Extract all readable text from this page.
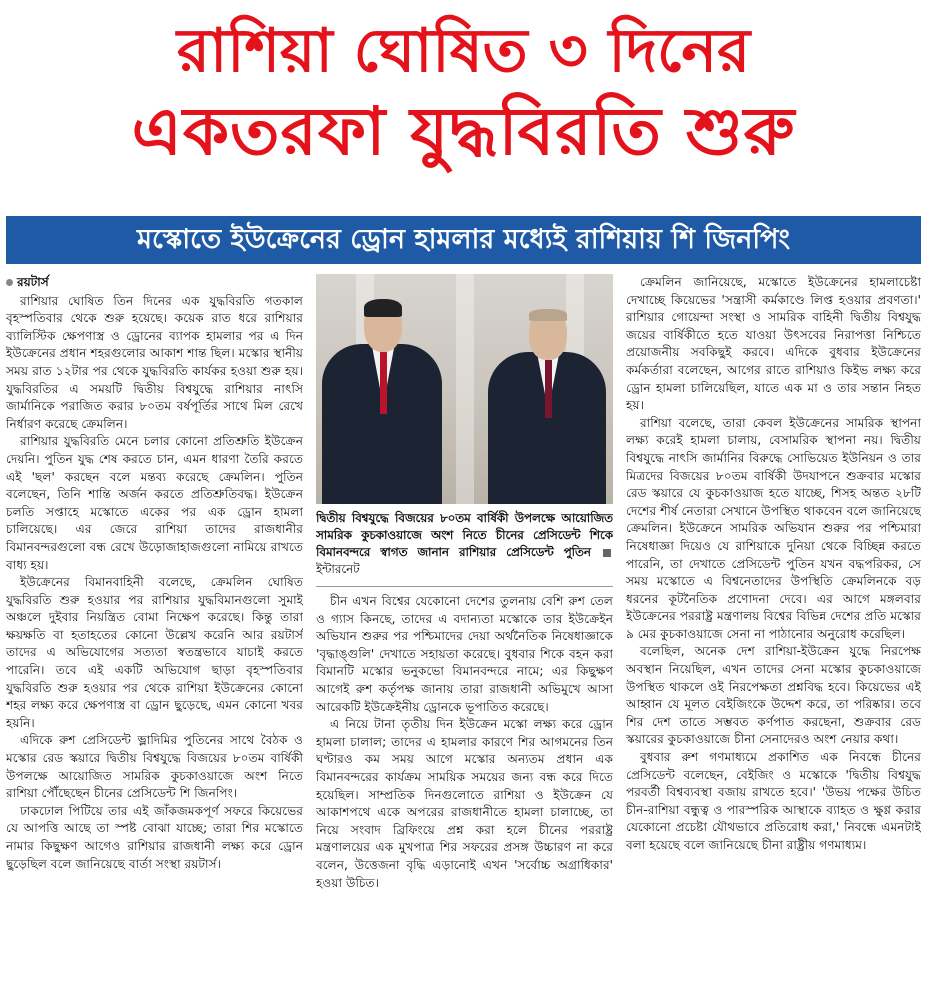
রাশিয়া ঘোষিত ৩ দিনের
একতরফা যুদ্ধবিরতি শুরু
মস্কোতে ইউক্রেনের ড্রোন হামলার মধ্যেই রাশিয়ায় শি জিনপিং
রয়টার্স

রাশিয়ার ঘোষিত তিন দিনের এক যুদ্ধবিরতি গতকাল বৃহস্পতিবার থেকে শুরু হয়েছে। কয়েক রাত ধরে রাশিয়ার ব্যালিস্টিক ক্ষেপণাস্ত্র ও ড্রোনের ব্যাপক হামলার পর এ দিন ইউক্রেনের প্রধান শহরগুলোর আকাশ শান্ত ছিল। মস্কোর স্থানীয় সময় রাত ১২টার পর থেকে যুদ্ধবিরতি কার্যকর হওয়া শুরু হয়। যুদ্ধবিরতির এ সময়টি দ্বিতীয় বিশ্বযুদ্ধে রাশিয়ার নাৎসি জার্মানিকে পরাজিত করার ৮০তম বর্ষপূর্তির সাথে মিল রেখে নির্ধারণ করেছে ক্রেমলিন।

রাশিয়ার যুদ্ধবিরতি মেনে চলার কোনো প্রতিশ্রুতি ইউক্রেন দেয়নি। পুতিন যুদ্ধ শেষ করতে চান, এমন ধারণা তৈরি করতে এই 'ছল' করছেন বলে মন্তব্য করেছে ক্রেমলিন। পুতিন বলেছেন, তিনি শান্তি অর্জন করতে প্রতিশ্রুতিবদ্ধ। ইউক্রেন চলতি সপ্তাহে মস্কোতে একের পর এক ড্রোন হামলা চালিয়েছে। এর জেরে রাশিয়া তাদের রাজধানীর বিমানবন্দরগুলো বন্ধ রেখে উড়োজাহাজগুলো নামিয়ে রাখতে বাধ্য হয়।

ইউক্রেনের বিমানবাহিনী বলেছে, ক্রেমলিন ঘোষিত যুদ্ধবিরতি শুরু হওয়ার পর রাশিয়ার যুদ্ধবিমানগুলো সুমাই অঞ্চলে দুইবার নিয়ন্ত্রিত বোমা নিক্ষেপ করেছে। কিন্তু তারা ক্ষয়ক্ষতি বা হতাহতের কোনো উল্লেখ করেনি আর রয়টার্স তাদের এ অভিযোগের সত্যতা স্বতন্ত্রভাবে যাচাই করতে পারেনি। তবে এই একটি অভিযোগ ছাড়া বৃহস্পতিবার যুদ্ধবিরতি শুরু হওয়ার পর থেকে রাশিয়া ইউক্রেনের কোনো শহর লক্ষ্য করে ক্ষেপণাস্ত্র বা ড্রোন ছুড়েছে, এমন কোনো খবর হয়নি।

এদিকে রুশ প্রেসিডেন্ট ভ্লাদিমির পুতিনের সাথে বৈঠক ও মস্কোর রেড স্কয়ারে দ্বিতীয় বিশ্বযুদ্ধে বিজয়ের ৮০তম বার্ষিকী উপলক্ষে আয়োজিত সামরিক কুচকাওয়াজে অংশ নিতে রাশিয়া পৌঁছেছেন চীনের প্রেসিডেন্ট শি জিনপিং।

ঢাকঢোল পিটিয়ে তার এই জাঁকজমকপূর্ণ সফরে কিয়েভের যে আপত্তি আছে তা স্পষ্ট বোঝা যাচ্ছে; তারা শির মস্কোতে নামার কিছুক্ষণ আগেও রাশিয়ার রাজধানী লক্ষ্য করে ড্রোন ছুড়েছিল বলে জানিয়েছে বার্তা সংস্থা রয়টার্স।

দ্বিতীয় বিশ্বযুদ্ধে বিজয়ের ৮০তম বার্ষিকী উপলক্ষে আয়োজিত সামরিক কুচকাওয়াজে অংশ নিতে চীনের প্রেসিডেন্ট শিকে বিমানবন্দরে স্বাগত জানান রাশিয়ার প্রেসিডেন্ট পুতিন  ইন্টারনেট

চীন এখন বিশ্বের যেকোনো দেশের তুলনায় বেশি রুশ তেল ও গ্যাস কিনছে, তাদের এ বদান্যতা মস্কোকে তার ইউক্রেইন অভিযান শুরুর পর পশ্চিমাদের দেয়া অর্থনৈতিক নিষেধাজ্ঞাকে 'বৃদ্ধাঙ্গুলি' দেখাতে সহায়তা করেছে। বুধবার শিকে বহন করা বিমানটি মস্কোর ভনুকভো বিমানবন্দরে নামে; এর কিছুক্ষণ আগেই রুশ কর্তৃপক্ষ জানায় তারা রাজধানী অভিমুখে আসা আরেকটি ইউক্রেইনীয় ড্রোনকে ভূপাতিত করেছে।

এ নিয়ে টানা তৃতীয় দিন ইউক্রেন মস্কো লক্ষ্য করে ড্রোন হামলা চালাল; তাদের এ হামলার কারণে শির আগমনের তিন ঘণ্টারও কম সময় আগে মস্কোর অন্যতম প্রধান এক বিমানবন্দরের কার্যক্রম সাময়িক সময়ের জন্য বন্ধ করে দিতে হয়েছিল। সাম্প্রতিক দিনগুলোতে রাশিয়া ও ইউক্রেন যে আকাশপথে একে অপরের রাজধানীতে হামলা চালাচ্ছে, তা নিয়ে সংবাদ ব্রিফিংয়ে প্রশ্ন করা হলে চীনের পররাষ্ট্র মন্ত্রণালয়ের এক মুখপাত্র শির সফরের প্রসঙ্গ উচ্চারণ না করে বলেন, উত্তেজনা বৃদ্ধি এড়ানোই এখন 'সর্বোচ্চ অগ্রাধিকার' হওয়া উচিত।

ক্রেমলিন জানিয়েছে, মস্কোতে ইউক্রেনের হামলাচেষ্টা দেখাচ্ছে কিয়েভের 'সন্ত্রাসী কর্মকাণ্ডে লিপ্ত হওয়ার প্রবণতা।' রাশিয়ার গোয়েন্দা সংস্থা ও সামরিক বাহিনী দ্বিতীয় বিশ্বযুদ্ধ জয়ের বার্ষিকীতে হতে যাওয়া উৎসবের নিরাপত্তা নিশ্চিতে প্রয়োজনীয় সবকিছুই করবে। এদিকে বুধবার ইউক্রেনের কর্মকর্তারা বলেছেন, আগের রাতে রাশিয়াও কিইভ লক্ষ্য করে ড্রোন হামলা চালিয়েছিল, যাতে এক মা ও তার সন্তান নিহত হয়।

রাশিয়া বলেছে, তারা কেবল ইউক্রেনের সামরিক স্থাপনা লক্ষ্য করেই হামলা চালায়, বেসামরিক স্থাপনা নয়। দ্বিতীয় বিশ্বযুদ্ধে নাৎসি জার্মানির বিরুদ্ধে সোভিয়েত ইউনিয়ন ও তার মিত্রদের বিজয়ের ৮০তম বার্ষিকী উদযাপনে শুক্রবার মস্কোর রেড স্কয়ারে যে কুচকাওয়াজ হতে যাচ্ছে, শিসহ অন্তত ২৮টি দেশের শীর্ষ নেতারা সেখানে উপস্থিত থাকবেন বলে জানিয়েছে ক্রেমলিন। ইউক্রেনে সামরিক অভিযান শুরুর পর পশ্চিমারা নিষেধাজ্ঞা দিয়েও যে রাশিয়াকে দুনিয়া থেকে বিচ্ছিন্ন করতে পারেনি, তা দেখাতে প্রেসিডেন্ট পুতিন যখন বদ্ধপরিকর, সে সময় মস্কোতে এ বিশ্বনেতাদের উপস্থিতি ক্রেমলিনকে বড় ধরনের কূটনৈতিক প্রণোদনা দেবে। এর আগে মঙ্গলবার ইউক্রেনের পররাষ্ট্র মন্ত্রণালয় বিশ্বের বিভিন্ন দেশের প্রতি মস্কোর ৯ মের কুচকাওয়াজে সেনা না পাঠানোর অনুরোধ করেছিল।

বলেছিল, অনেক দেশ রাশিয়া-ইউক্রেন যুদ্ধে নিরপেক্ষ অবস্থান নিয়েছিল, এখন তাদের সেনা মস্কোর কুচকাওয়াজে উপস্থিত থাকলে ওই নিরপেক্ষতা প্রশ্নবিদ্ধ হবে। কিয়েভের এই আহ্বান যে মূলত বেইজিংকে উদ্দেশ করে, তা পরিষ্কার। তবে শির দেশ তাতে সম্ভবত কর্ণপাত করছেনা, শুক্রবার রেড স্কয়ারের কুচকাওয়াজে চীনা সেনাদেরও অংশ নেয়ার কথা।

বুধবার রুশ গণমাধ্যমে প্রকাশিত এক নিবন্ধে চীনের প্রেসিডেন্ট বলেছেন, বেইজিং ও মস্কোকে 'দ্বিতীয় বিশ্বযুদ্ধ পরবর্তী বিশ্বব্যবস্থা বজায় রাখতে হবে।' 'উভয় পক্ষের উচিত চীন-রাশিয়া বন্ধুত্ব ও পারস্পরিক আস্থাকে ব্যাহত ও ক্ষুণ্ণ করার যেকোনো প্রচেষ্টা যৌথভাবে প্রতিরোধ করা,' নিবন্ধে এমনটাই বলা হয়েছে বলে জানিয়েছে চীনা রাষ্ট্রীয় গণমাধ্যম।
